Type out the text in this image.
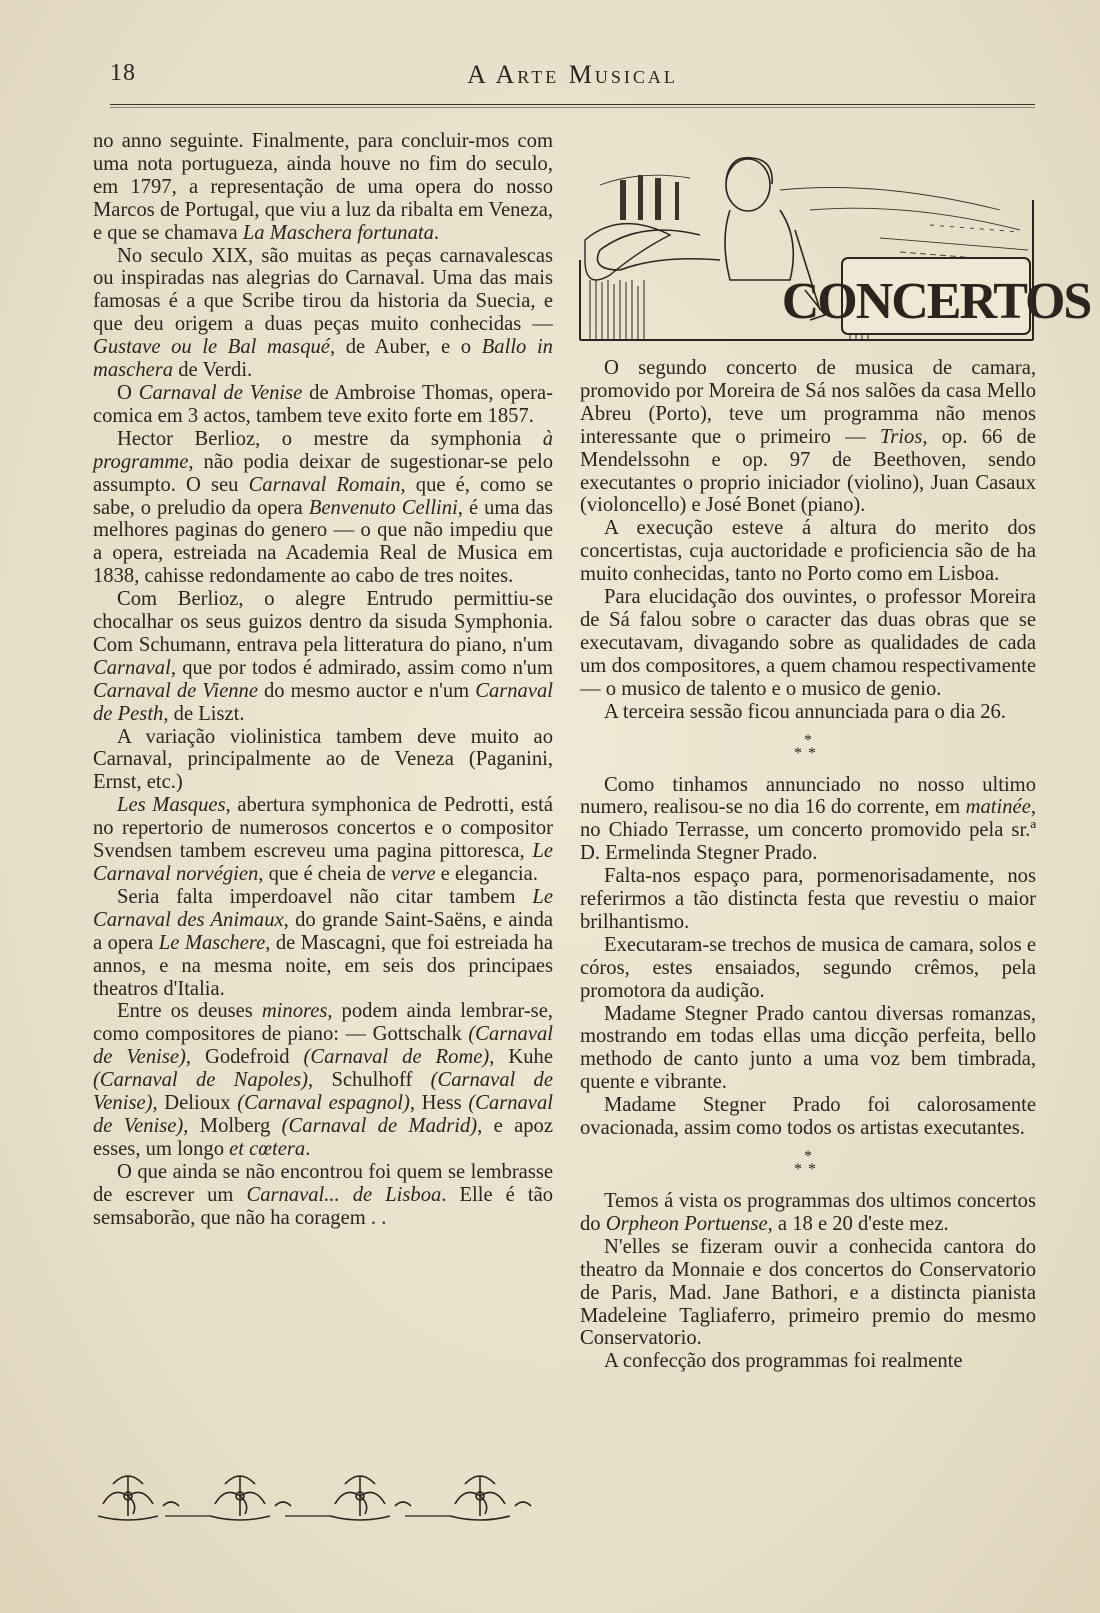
18	A Arte Musical

no anno seguinte. Finalmente, para concluir-mos com uma nota portugueza, ainda houve no fim do seculo, em 1797, a representação de uma opera do nosso Marcos de Portugal, que viu a luz da ribalta em Veneza, e que se chamava La Maschera fortunata.

No seculo XIX, são muitas as peças carnavalescas ou inspiradas nas alegrias do Carnaval. Uma das mais famosas é a que Scribe tirou da historia da Suecia, e que deu origem a duas peças muito conhecidas — Gustave ou le Bal masqué, de Auber, e o Ballo in maschera de Verdi.

O Carnaval de Venise de Ambroise Thomas, opera-comica em 3 actos, tambem teve exito forte em 1857.

Hector Berlioz, o mestre da symphonia à programme, não podia deixar de sugestionar-se pelo assumpto. O seu Carnaval Romain, que é, como se sabe, o preludio da opera Benvenuto Cellini, é uma das melhores paginas do genero — o que não impediu que a opera, estreiada na Academia Real de Musica em 1838, cahisse redondamente ao cabo de tres noites.

Com Berlioz, o alegre Entrudo permittiu-se chocalhar os seus guizos dentro da sisuda Symphonia. Com Schumann, entrava pela litteratura do piano, n'um Carnaval, que por todos é admirado, assim como n'um Carnaval de Vienne do mesmo auctor e n'um Carnaval de Pesth, de Liszt.

A variação violinistica tambem deve muito ao Carnaval, principalmente ao de Veneza (Paganini, Ernst, etc.)

Les Masques, abertura symphonica de Pedrotti, está no repertorio de numerosos concertos e o compositor Svendsen tambem escreveu uma pagina pittoresca, Le Carnaval norvégien, que é cheia de verve e elegancia.

Seria falta imperdoavel não citar tambem Le Carnaval des Animaux, do grande Saint-Saëns, e ainda a opera Le Maschere, de Mascagni, que foi estreiada ha annos, e na mesma noite, em seis dos principaes theatros d'Italia.

Entre os deuses minores, podem ainda lembrar-se, como compositores de piano: — Gottschalk (Carnaval de Venise), Godefroid (Carnaval de Rome), Kuhe (Carnaval de Napoles), Schulhoff (Carnaval de Venise), Delioux (Carnaval espagnol), Hess (Carnaval de Venise), Molberg (Carnaval de Madrid), e apoz esses, um longo et cœtera.

O que ainda se não encontrou foi quem se lembrasse de escrever um Carnaval... de Lisboa. Elle é tão semsaborão, que não ha coragem . .

CONCERTOS

O segundo concerto de musica de camara, promovido por Moreira de Sá nos salões da casa Mello Abreu (Porto), teve um programma não menos interessante que o primeiro — Trios, op. 66 de Mendelssohn e op. 97 de Beethoven, sendo executantes o proprio iniciador (violino), Juan Casaux (violoncello) e José Bonet (piano).

A execução esteve á altura do merito dos concertistas, cuja auctoridade e proficiencia são de ha muito conhecidas, tanto no Porto como em Lisboa.

Para elucidação dos ouvintes, o professor Moreira de Sá falou sobre o caracter das duas obras que se executavam, divagando sobre as qualidades de cada um dos compositores, a quem chamou respectivamente — o musico de talento e o musico de genio.

A terceira sessão ficou annunciada para o dia 26.

*
**

Como tinhamos annunciado no nosso ultimo numero, realisou-se no dia 16 do corrente, em matinée, no Chiado Terrasse, um concerto promovido pela sr.ª D. Ermelinda Stegner Prado.

Falta-nos espaço para, pormenorisadamente, nos referirmos a tão distincta festa que revestiu o maior brilhantismo.

Executaram-se trechos de musica de camara, solos e córos, estes ensaiados, segundo crêmos, pela promotora da audição.

Madame Stegner Prado cantou diversas romanzas, mostrando em todas ellas uma dicção perfeita, bello methodo de canto junto a uma voz bem timbrada, quente e vibrante.

Madame Stegner Prado foi calorosamente ovacionada, assim como todos os artistas executantes.

*
**

Temos á vista os programmas dos ultimos concertos do Orpheon Portuense, a 18 e 20 d'este mez.

N'elles se fizeram ouvir a conhecida cantora do theatro da Monnaie e dos concertos do Conservatorio de Paris, Mad. Jane Bathori, e a distincta pianista Madeleine Tagliaferro, primeiro premio do mesmo Conservatorio.

A confecção dos programmas foi realmente
